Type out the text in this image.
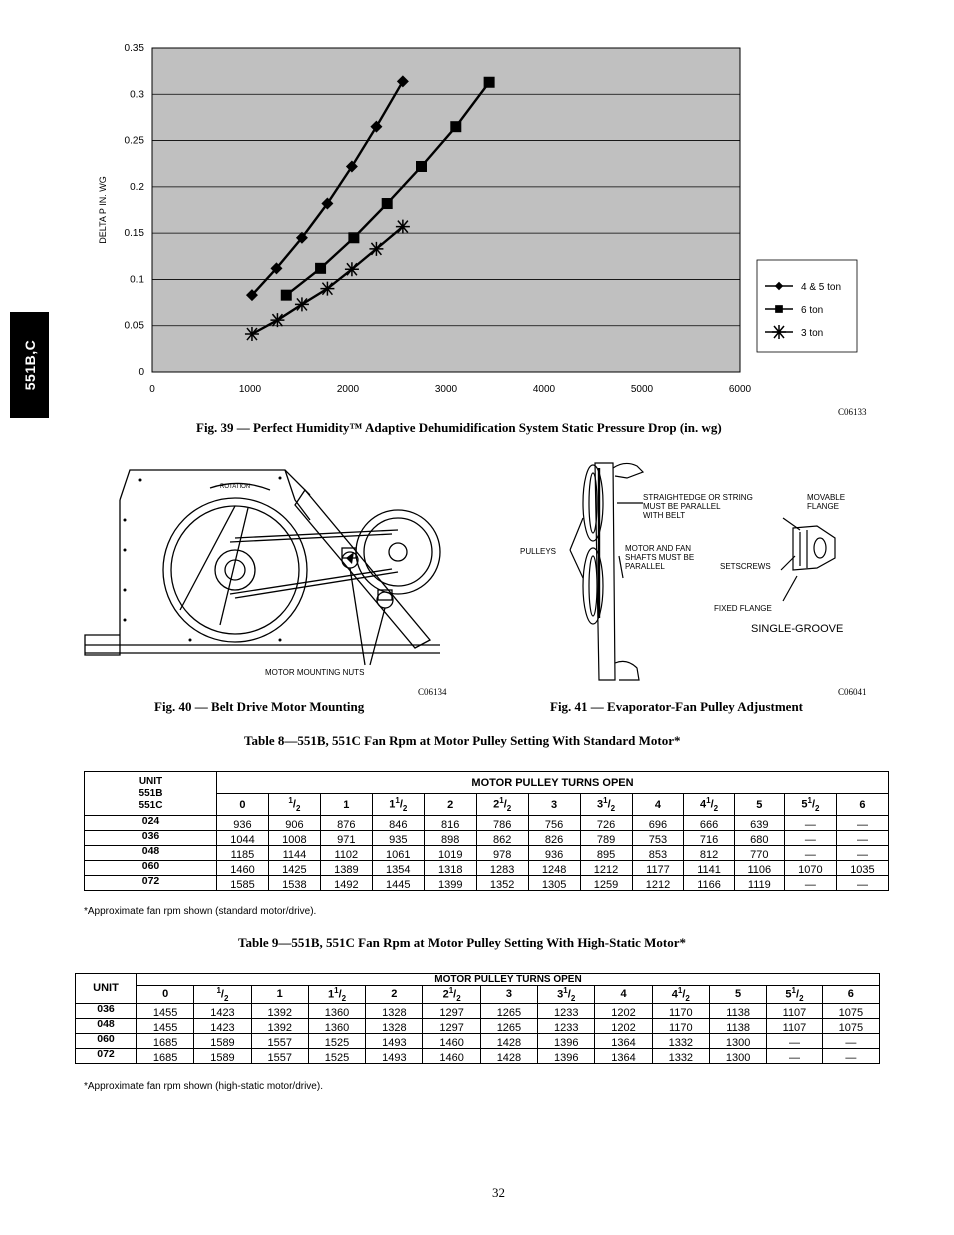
551B,C	0
0.05
0.1
0.15
0.2
0.25
0.3
0.35
0	1000	2000	3000	4000	5000	6000
DELTA P IN. WG
4 & 5 ton
6 ton
3 ton
C06133
Fig. 39 — Perfect Humidity™ Adaptive Dehumidification System Static Pressure Drop (in. wg)
ROTATION
MOTOR MOUNTING NUTS
C06134
Fig. 40 — Belt Drive Motor Mounting
STRAIGHTEDGE OR STRING
MUST BE PARALLEL
WITH BELT
MOVABLE
FLANGE
PULLEYS	MOTOR AND FAN
SHAFTS MUST BE
PARALLEL	SETSCREWS
FIXED FLANGE
SINGLE-GROOVE
C06041
Fig. 41 — Evaporator-Fan Pulley Adjustment
Table 8—551B, 551C Fan Rpm at Motor Pulley Setting With Standard Motor*
UNIT
551B
551C	MOTOR PULLEY TURNS OPEN												
	0	$^1/_2$	1	$1^1/_2$	2	$2^1/_2$	3	$3^1/_2$	4	$4^1/_2$	5	$5^1/_2$	6
024	936	906	876	846	816	786	756	726	696	666	639	—	—
036	1044	1008	971	935	898	862	826	789	753	716	680	—	—
048	1185	1144	1102	1061	1019	978	936	895	853	812	770	—	—
060	1460	1425	1389	1354	1318	1283	1248	1212	1177	1141	1106	1070	1035
072	1585	1538	1492	1445	1399	1352	1305	1259	1212	1166	1119	—	—
*Approximate fan rpm shown (standard motor/drive).
Table 9—551B, 551C Fan Rpm at Motor Pulley Setting With High-Static Motor*
UNIT	MOTOR PULLEY TURNS OPEN												
	0	$^1/_2$	1	$1^1/_2$	2	$2^1/_2$	3	$3^1/_2$	4	$4^1/_2$	5	$5^1/_2$	6
036	1455	1423	1392	1360	1328	1297	1265	1233	1202	1170	1138	1107	1075
048	1455	1423	1392	1360	1328	1297	1265	1233	1202	1170	1138	1107	1075
060	1685	1589	1557	1525	1493	1460	1428	1396	1364	1332	1300	—	—
072	1685	1589	1557	1525	1493	1460	1428	1396	1364	1332	1300	—	—
*Approximate fan rpm shown (high-static motor/drive).
32
